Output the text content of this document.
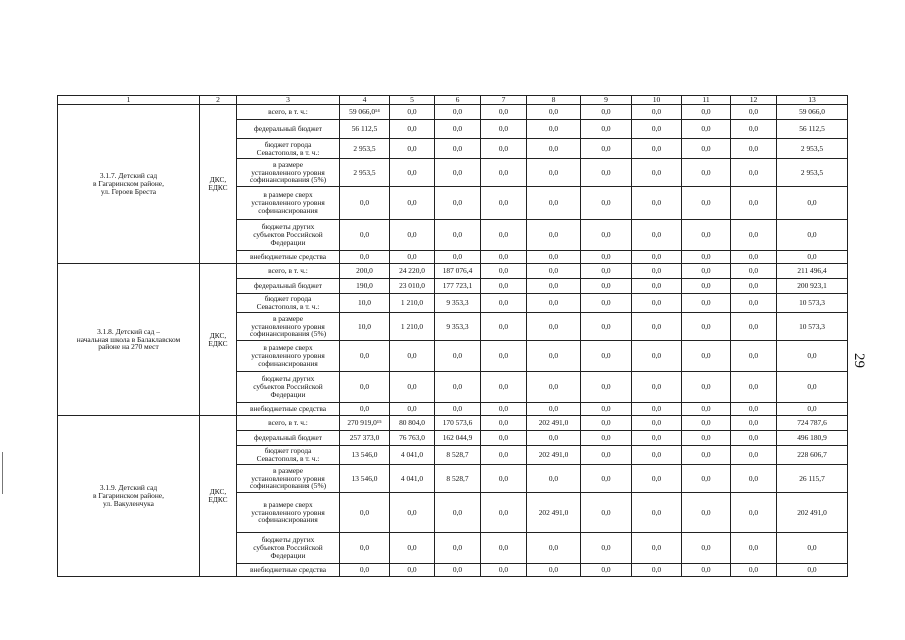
1	2	3	4	5	6	7	8	9	10	11	12	13
3.1.7. Детский сад
в Гагаринском районе,
ул. Героев Бреста	ДКС,
ЕДКС	всего, в т. ч.:	59 066,0¹⁴	0,0	0,0	0,0	0,0	0,0	0,0	0,0	0,0	59 066,0
		федеральный бюджет	56 112,5	0,0	0,0	0,0	0,0	0,0	0,0	0,0	0,0	56 112,5
		бюджет города
Севастополя, в т. ч.:	2 953,5	0,0	0,0	0,0	0,0	0,0	0,0	0,0	0,0	2 953,5
		в размере
установленного уровня
софинансирования (5%)	2 953,5	0,0	0,0	0,0	0,0	0,0	0,0	0,0	0,0	2 953,5
		в размере сверх
установленного уровня
софинансирования	0,0	0,0	0,0	0,0	0,0	0,0	0,0	0,0	0,0	0,0
		бюджеты других
субъектов Российской
Федерации	0,0	0,0	0,0	0,0	0,0	0,0	0,0	0,0	0,0	0,0
		внебюджетные средства	0,0	0,0	0,0	0,0	0,0	0,0	0,0	0,0	0,0	0,0
3.1.8. Детский сад –
начальная школа в Балаклавском
районе на 270 мест	ДКС,
ЕДКС	всего, в т. ч.:	200,0	24 220,0	187 076,4	0,0	0,0	0,0	0,0	0,0	0,0	211 496,4
		федеральный бюджет	190,0	23 010,0	177 723,1	0,0	0,0	0,0	0,0	0,0	0,0	200 923,1
		бюджет города
Севастополя, в т. ч.:	10,0	1 210,0	9 353,3	0,0	0,0	0,0	0,0	0,0	0,0	10 573,3
		в размере
установленного уровня
софинансирования (5%)	10,0	1 210,0	9 353,3	0,0	0,0	0,0	0,0	0,0	0,0	10 573,3
		в размере сверх
установленного уровня
софинансирования	0,0	0,0	0,0	0,0	0,0	0,0	0,0	0,0	0,0	0,0
		бюджеты других
субъектов Российской
Федерации	0,0	0,0	0,0	0,0	0,0	0,0	0,0	0,0	0,0	0,0
		внебюджетные средства	0,0	0,0	0,0	0,0	0,0	0,0	0,0	0,0	0,0	0,0
3.1.9. Детский сад
в Гагаринском районе,
ул. Вакуленчука	ДКС,
ЕДКС	всего, в т. ч.:	270 919,0¹⁵	80 804,0	170 573,6	0,0	202 491,0	0,0	0,0	0,0	0,0	724 787,6
		федеральный бюджет	257 373,0	76 763,0	162 044,9	0,0	0,0	0,0	0,0	0,0	0,0	496 180,9
		бюджет города
Севастополя, в т. ч.:	13 546,0	4 041,0	8 528,7	0,0	202 491,0	0,0	0,0	0,0	0,0	228 606,7
		в размере
установленного уровня
софинансирования (5%)	13 546,0	4 041,0	8 528,7	0,0	0,0	0,0	0,0	0,0	0,0	26 115,7
		в размере сверх
установленного уровня
софинансирования	0,0	0,0	0,0	0,0	202 491,0	0,0	0,0	0,0	0,0	202 491,0
		бюджеты других
субъектов Российской
Федерации	0,0	0,0	0,0	0,0	0,0	0,0	0,0	0,0	0,0	0,0
		внебюджетные средства	0,0	0,0	0,0	0,0	0,0	0,0	0,0	0,0	0,0	0,0
29
